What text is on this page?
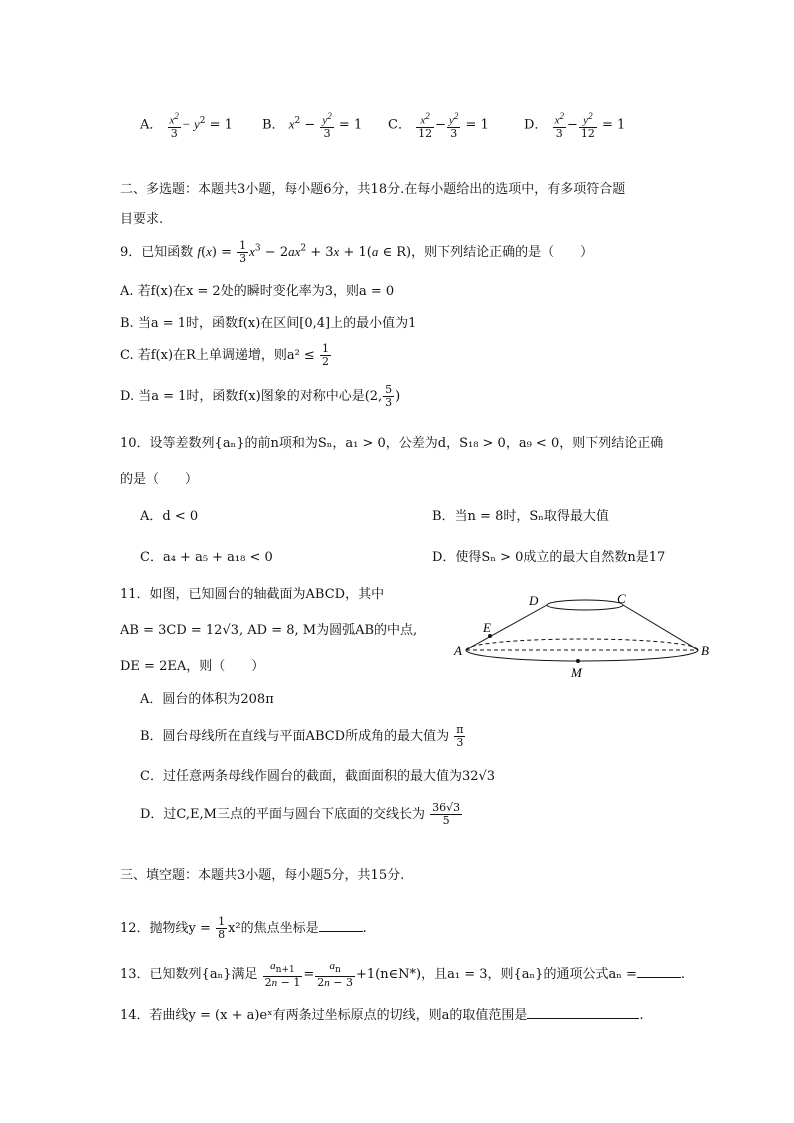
A． $\frac{x^2}{3} - y^2 = 1$ B． $x^2 - \frac{y^2}{3} = 1$ C． $\frac{x^2}{12} - \frac{y^2}{3} = 1$	D． $\frac{x^2}{3} - \frac{y^2}{12} = 1$
二、多选题：本题共3小题，每小题6分，共18分.在每小题给出的选项中，有多项符合题
目要求.
9．已知函数 $f(x) = \frac{1}{3} x^3 - 2ax^2 + 3x + 1(a$ ∈ R)，则下列结论正确的是（　　）
A. 若f(x)在x = 2处的瞬时变化率为3，则a = 0
B. 当a = 1时，函数f(x)在区间[0,4]上的最小值为1
C. 若f(x)在R上单调递增，则$a^2 \le \frac{1}{2}$
D. 当a = 1时，函数f(x)图象的对称中心是(2, $\frac{5}{3}$ )
10．设等差数列{aₙ}的前n项和为Sₙ，a₁ > 0，公差为d，S₁₈ > 0，a₉ < 0，则下列结论正确
的是（　　）
A．d < 0	B．当n = 8时，Sₙ取得最大值
C．a₄ + a₅ + a₁₈ < 0	D．使得Sₙ > 0成立的最大自然数n是17
11．如图，已知圆台的轴截面为ABCD，其中
AB = 3CD = 12√3, AD = 8, M为圆弧AB的中点,
DE = 2EA，则（　　）
A．圆台的体积为208π
B．圆台母线所在直线与平面ABCD所成角的最大值为 $\frac{\pi}{3}$
C．过任意两条母线作圆台的截面，截面面积的最大值为32√3
D．过C,E,M三点的平面与圆台下底面的交线长为 $\frac{36√3}{5}$
D	C
E
A	B
M
三、填空题：本题共3小题，每小题5分，共15分.
12．抛物线$y = \frac{1}{8} x^2$的焦点坐标是	.
13．已知数列{aₙ}满足 $\frac{a_{n+1}}{2n - 1} = \frac{a_n}{2n - 3}$ +1(n∈N*)，且a₁ = 3，则{aₙ}的通项公式aₙ =	.
14．若曲线y = (x + a)eˣ有两条过坐标原点的切线，则a的取值范围是	.
